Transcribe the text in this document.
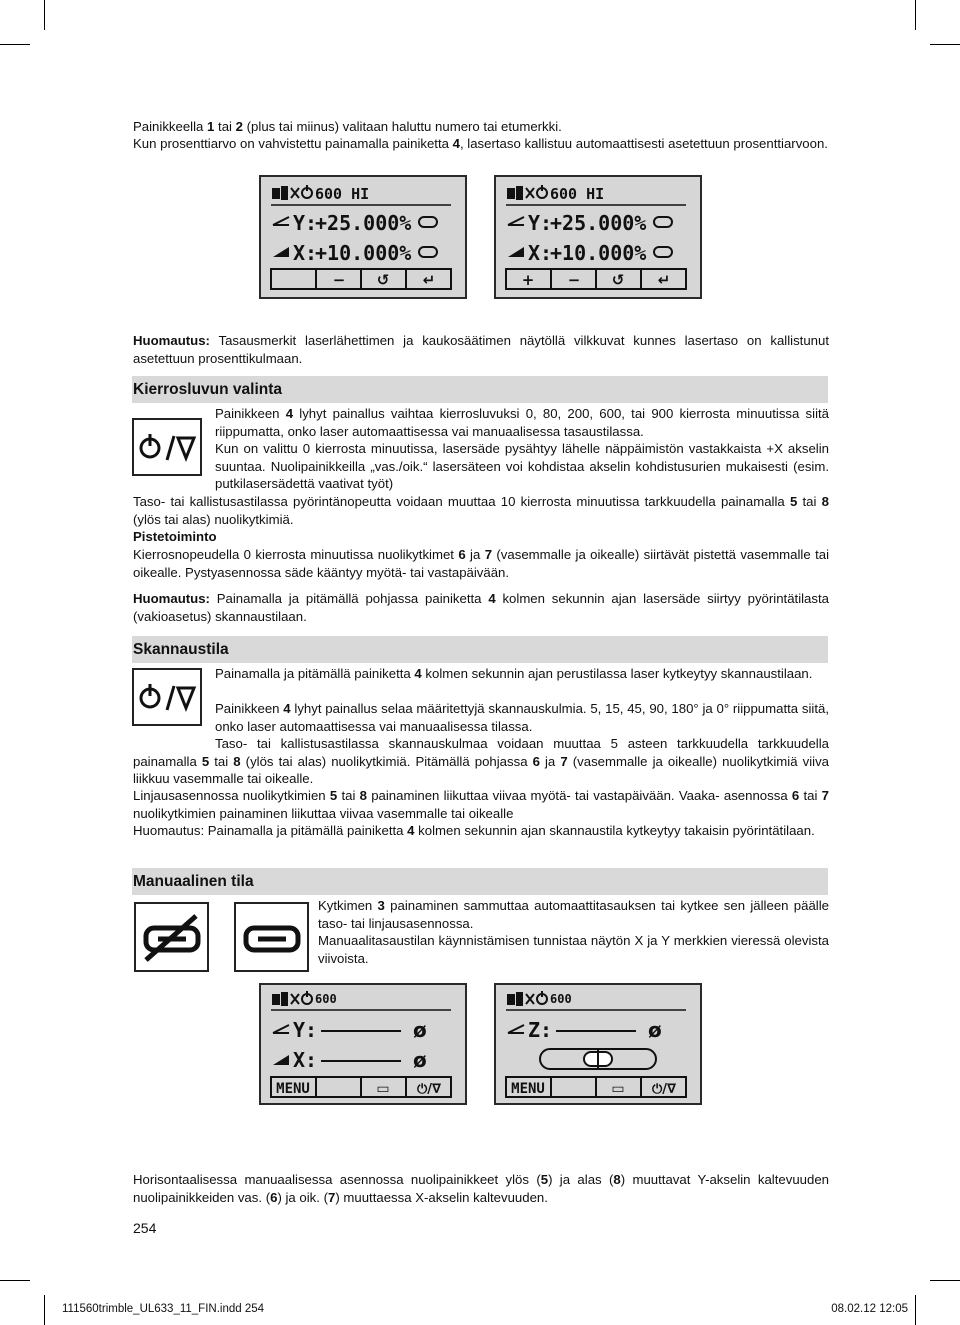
Painikkeella 1 tai 2 (plus tai miinus) valitaan haluttu numero tai etumerkki.
Kun prosenttiarvo on vahvistettu painamalla painiketta 4, lasertaso kallistuu automaattisesti asetettuun prosenttiarvoon.
600 HI
Y:
+25.000%
X:
+10.000%
− ↺ ↵
600 HI
Y:
+25.000%
X:
+10.000%
+ − ↺ ↵
Huomautus: Tasausmerkit laserlähettimen ja kaukosäätimen näytöllä vilkkuvat kunnes lasertaso on kallistunut asetettuun prosenttikulmaan.
Kierrosluvun valinta
Painikkeen 4 lyhyt painallus vaihtaa kierrosluvuksi 0, 80, 200, 600, tai 900 kierrosta minuutissa siitä riippumatta, onko laser automaattisessa vai manuaalisessa tasaustilassa.
Kun on valittu 0 kierrosta minuutissa, lasersäde pysähtyy lähelle näppäimistön vastakkaista +X akselin suuntaa. Nuolipainikkeilla „vas./oik.“ lasersäteen voi kohdistaa akselin kohdistusurien mukaisesti (esim. putkilasersädettä vaativat työt)
Taso- tai kallistusastilassa pyörintänopeutta voidaan muuttaa 10 kierrosta minuutissa tarkkuudella painamalla 5 tai 8 (ylös tai alas) nuolikytkimiä.
Pistetoiminto
Kierrosnopeudella 0 kierrosta minuutissa nuolikytkimet 6 ja 7 (vasemmalle ja oikealle) siirtävät pistettä vasemmalle tai oikealle. Pystyasennossa säde kääntyy myötä- tai vastapäivään.
Huomautus: Painamalla ja pitämällä pohjassa painiketta 4 kolmen sekunnin ajan lasersäde siirtyy pyörintätilasta (vakioasetus) skannaustilaan.
Skannaustila
Painamalla ja pitämällä painiketta 4 kolmen sekunnin ajan perustilassa laser kytkeytyy skannaustilaan.
Painikkeen 4 lyhyt painallus selaa määritettyjä skannauskulmia. 5, 15, 45, 90, 180° ja 0° riippumatta siitä, onko laser automaattisessa vai manuaalisessa tilassa.
Taso- tai kallistusastilassa skannauskulmaa voidaan muuttaa 5 asteen tarkkuudella tarkkuudella painamalla 5 tai 8 (ylös tai alas) nuolikytkimiä. Pitämällä pohjassa 6 ja 7 (vasemmalle ja oikealle) nuolikytkimiä viiva liikkuu vasemmalle tai oikealle.
Linjausasennossa nuolikytkimien 5 tai 8 painaminen liikuttaa viivaa myötä- tai vastapäivään. Vaaka- asennossa 6 tai 7 nuolikytkimien painaminen liikuttaa viivaa vasemmalle tai oikealle
Huomautus: Painamalla ja pitämällä painiketta 4 kolmen sekunnin ajan skannaustila kytkeytyy takaisin pyörintätilaan.
Manuaalinen tila
Kytkimen 3 painaminen sammuttaa automaattitasauksen tai kytkee sen jälleen päälle taso- tai linjausasennossa.
Manuaalitasaustilan käynnistämisen tunnistaa näytön X ja Y merkkien vieressä olevista viivoista.
600
Y:	ø
X:	ø
MENU	▭ ⏻/∇
600
Z:	ø
MENU	▭ ⏻/∇
Horisontaalisessa manuaalisessa asennossa nuolipainikkeet ylös (5) ja alas (8) muuttavat Y-akselin kaltevuuden nuolipainikkeiden vas. (6) ja oik. (7) muuttaessa X-akselin kaltevuuden.
254
111560trimble_UL633_11_FIN.indd 254	08.02.12 12:05
